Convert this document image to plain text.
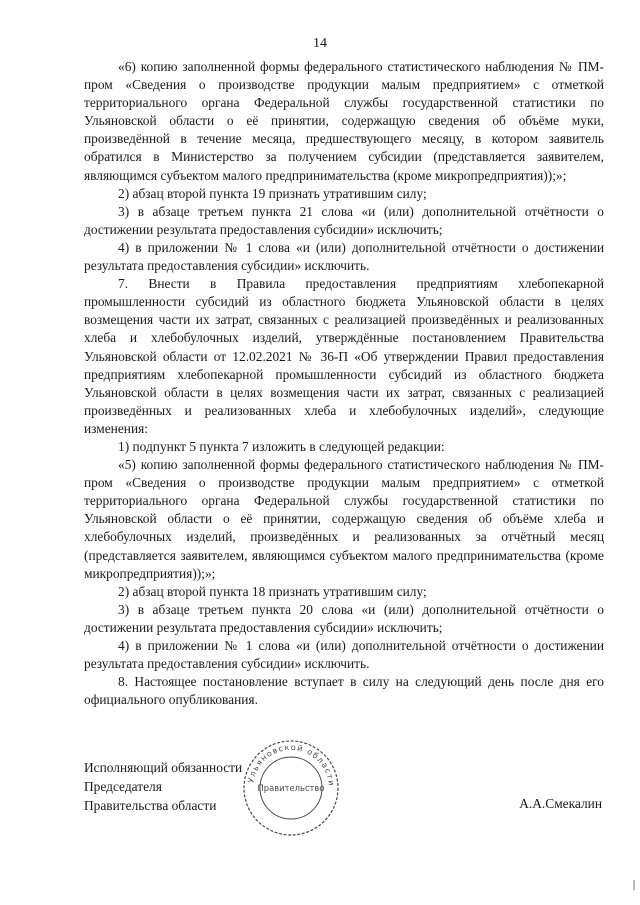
14

«6) копию заполненной формы федерального статистического наблюдения № ПМ-пром «Сведения о производстве продукции малым предприятием» с отметкой территориального органа Федеральной службы государственной статистики по Ульяновской области о её принятии, содержащую сведения об объёме муки, произведённой в течение месяца, предшествующего месяцу, в котором заявитель обратился в Министерство за получением субсидии (представляется заявителем, являющимся субъектом малого предпринимательства (кроме микропредприятия));»;

2) абзац второй пункта 19 признать утратившим силу;

3) в абзаце третьем пункта 21 слова «и (или) дополнительной отчётности о достижении результата предоставления субсидии» исключить;

4) в приложении № 1 слова «и (или) дополнительной отчётности о достижении результата предоставления субсидии» исключить.

7. Внести в Правила предоставления предприятиям хлебопекарной промышленности субсидий из областного бюджета Ульяновской области в целях возмещения части их затрат, связанных с реализацией произведённых и реализованных хлеба и хлебобулочных изделий, утверждённые постановлением Правительства Ульяновской области от 12.02.2021 № 36-П «Об утверждении Правил предоставления предприятиям хлебопекарной промышленности субсидий из областного бюджета Ульяновской области в целях возмещения части их затрат, связанных с реализацией произведённых и реализованных хлеба и хлебобулочных изделий», следующие изменения:

1) подпункт 5 пункта 7 изложить в следующей редакции:

«5) копию заполненной формы федерального статистического наблюдения № ПМ-пром «Сведения о производстве продукции малым предприятием» с отметкой территориального органа Федеральной службы государственной статистики по Ульяновской области о её принятии, содержащую сведения об объёме хлеба и хлебобулочных изделий, произведённых и реализованных за отчётный месяц (представляется заявителем, являющимся субъектом малого предпринимательства (кроме микропредприятия));»;

2) абзац второй пункта 18 признать утратившим силу;

3) в абзаце третьем пункта 20 слова «и (или) дополнительной отчётности о достижении результата предоставления субсидии» исключить;

4) в приложении № 1 слова «и (или) дополнительной отчётности о достижении результата предоставления субсидии» исключить.

8. Настоящее постановление вступает в силу на следующий день после дня его официального опубликования.

Исполняющий обязанности
Председателя
Правительства области
Ульяновской области
Правительство
А.А.Смекалин
